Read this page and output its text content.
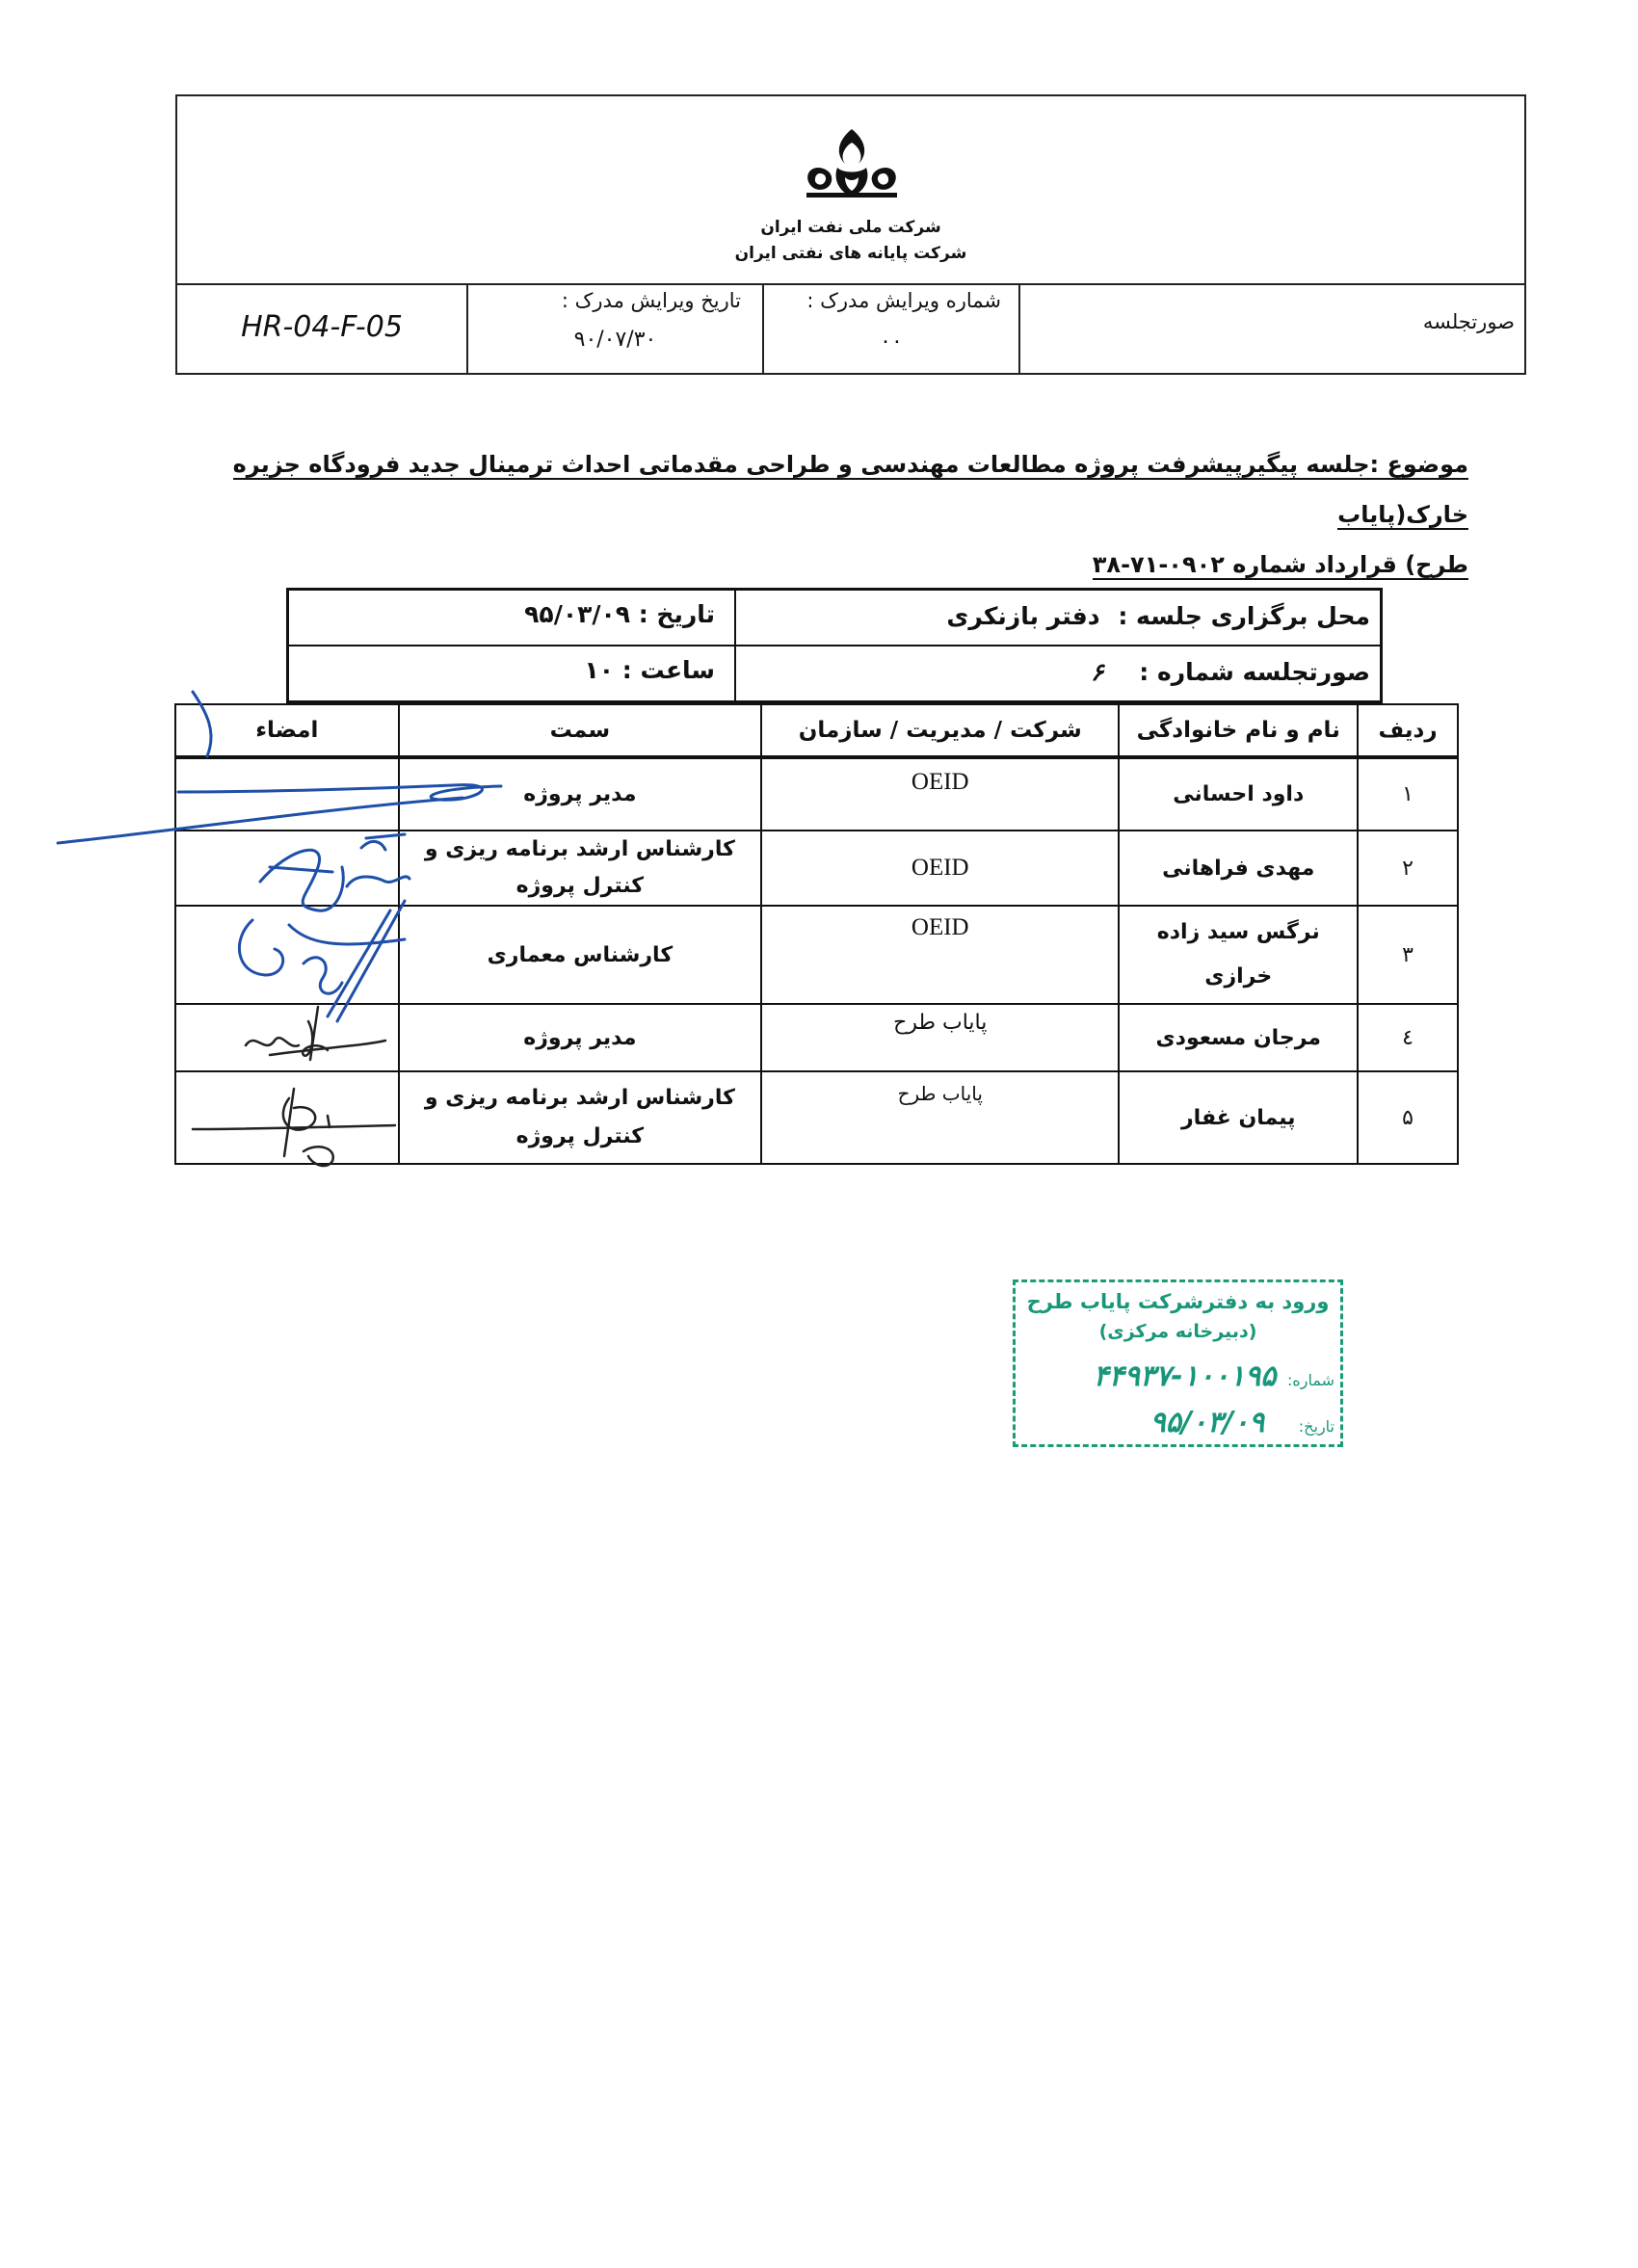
شرکت ملی نفت ایران
شرکت پایانه های نفتی ایران
HR-04-F-05
تاریخ ویرایش مدرک :
۹۰/۰۷/۳۰
شماره ویرایش مدرک :
۰۰
صورتجلسه
موضوع :جلسه پیگیرپیشرفت پروژه مطالعات مهندسی و طراحی مقدماتی احداث ترمینال جدید فرودگاه جزیره خارک(پایاب
طرح) قرارداد شماره ۰۹۰۲-۷۱-۳۸
محل برگزاری جلسه : دفتر بازنکری
صورتجلسه شماره : ۶
تاریخ : ۹۵/۰۳/۰۹
ساعت : ۱۰
ردیف	نام و نام خانوادگی	شرکت / مدیریت / سازمان	سمت	امضاء
۱	داود احسانی	OEID	مدیر پروژه	
۲	مهدی فراهانی	OEID	کارشناس ارشد برنامه ریزی و کنترل پروژه	
۳	نرگس سید زاده خرازی	OEID	کارشناس معماری	
٤	مرجان مسعودی	پایاب طرح	مدیر پروژه	
۵	پیمان غفار	پایاب طرح	کارشناس ارشد برنامه ریزی و کنترل پروژه	
ورود به دفترشرکت پایاب طرح
(دبیرخانه مرکزی)
شماره: ۱۰۰۱۹۵-۴۴۹۳۷
تاریخ: ۹۵/۰۳/۰۹
